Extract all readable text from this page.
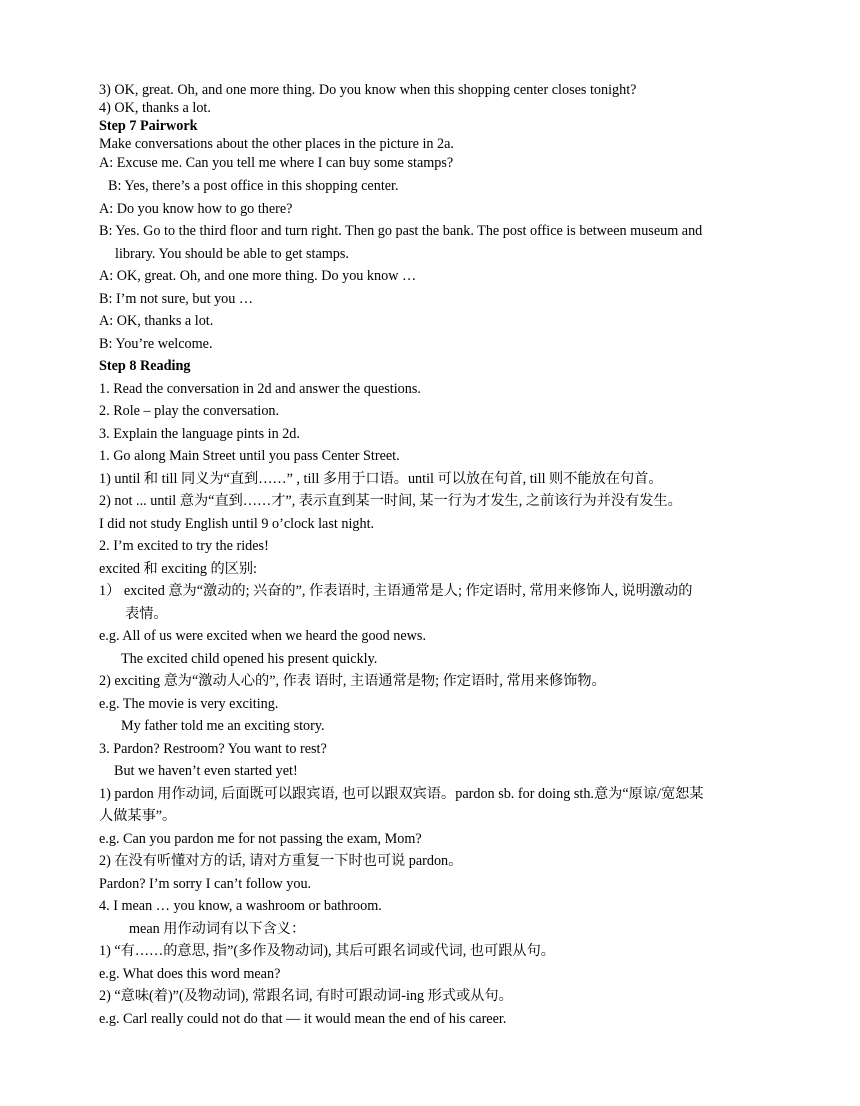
3) OK, great. Oh, and one more thing. Do you know when this shopping center closes tonight?
4) OK, thanks a lot.
Step 7 Pairwork
Make conversations about the other places in the picture in 2a.
A: Excuse me. Can you tell me where I can buy some stamps?
B: Yes, there’s a post office in this shopping center.
A: Do you know how to go there?
B: Yes. Go to the third floor and turn right. Then go past the bank. The post office is between museum and
library. You should be able to get stamps.
A: OK, great. Oh, and one more thing. Do you know …
B: I’m not sure, but you …
A: OK, thanks a lot.
B: You’re welcome.
Step 8 Reading
1. Read the conversation in 2d and answer the questions.
2. Role – play the conversation.
3. Explain the language pints in 2d.
1. Go along Main Street until you pass Center Street.
1) until 和 till 同义为“直到……” , till 多用于口语。until 可以放在句首, till 则不能放在句首。
2) not ... until 意为“直到……才”, 表示直到某一时间, 某一行为才发生, 之前该行为并没有发生。
I did not study English until 9 o’clock last night.
2. I’m excited to try the rides!
excited 和 exciting 的区别:
1） excited 意为“激动的; 兴奋的”, 作表语时, 主语通常是人; 作定语时, 常用来修饰人, 说明激动的
表情。
e.g. All of us were excited when we heard the good news.
The excited child opened his present quickly.
2) exciting 意为“激动人心的”, 作表 语时, 主语通常是物; 作定语时, 常用来修饰物。
e.g. The movie is very exciting.
My father told me an exciting story.
3. Pardon? Restroom? You want to rest?
But we haven’t even started yet!
1) pardon 用作动词, 后面既可以跟宾语, 也可以跟双宾语。pardon sb. for doing sth.意为“原谅/宽恕某
人做某事”。
e.g. Can you pardon me for not passing the exam, Mom?
2) 在没有听懂对方的话, 请对方重复一下时也可说 pardon。
Pardon? I’m sorry I can’t follow you.
4. I mean … you know, a washroom or bathroom.
mean 用作动词有以下含义：
1) “有……的意思, 指”(多作及物动词), 其后可跟名词或代词, 也可跟从句。
e.g. What does this word mean?
2) “意味(着)”(及物动词), 常跟名词, 有时可跟动词-ing 形式或从句。
e.g. Carl really could not do that — it would mean the end of his career.
